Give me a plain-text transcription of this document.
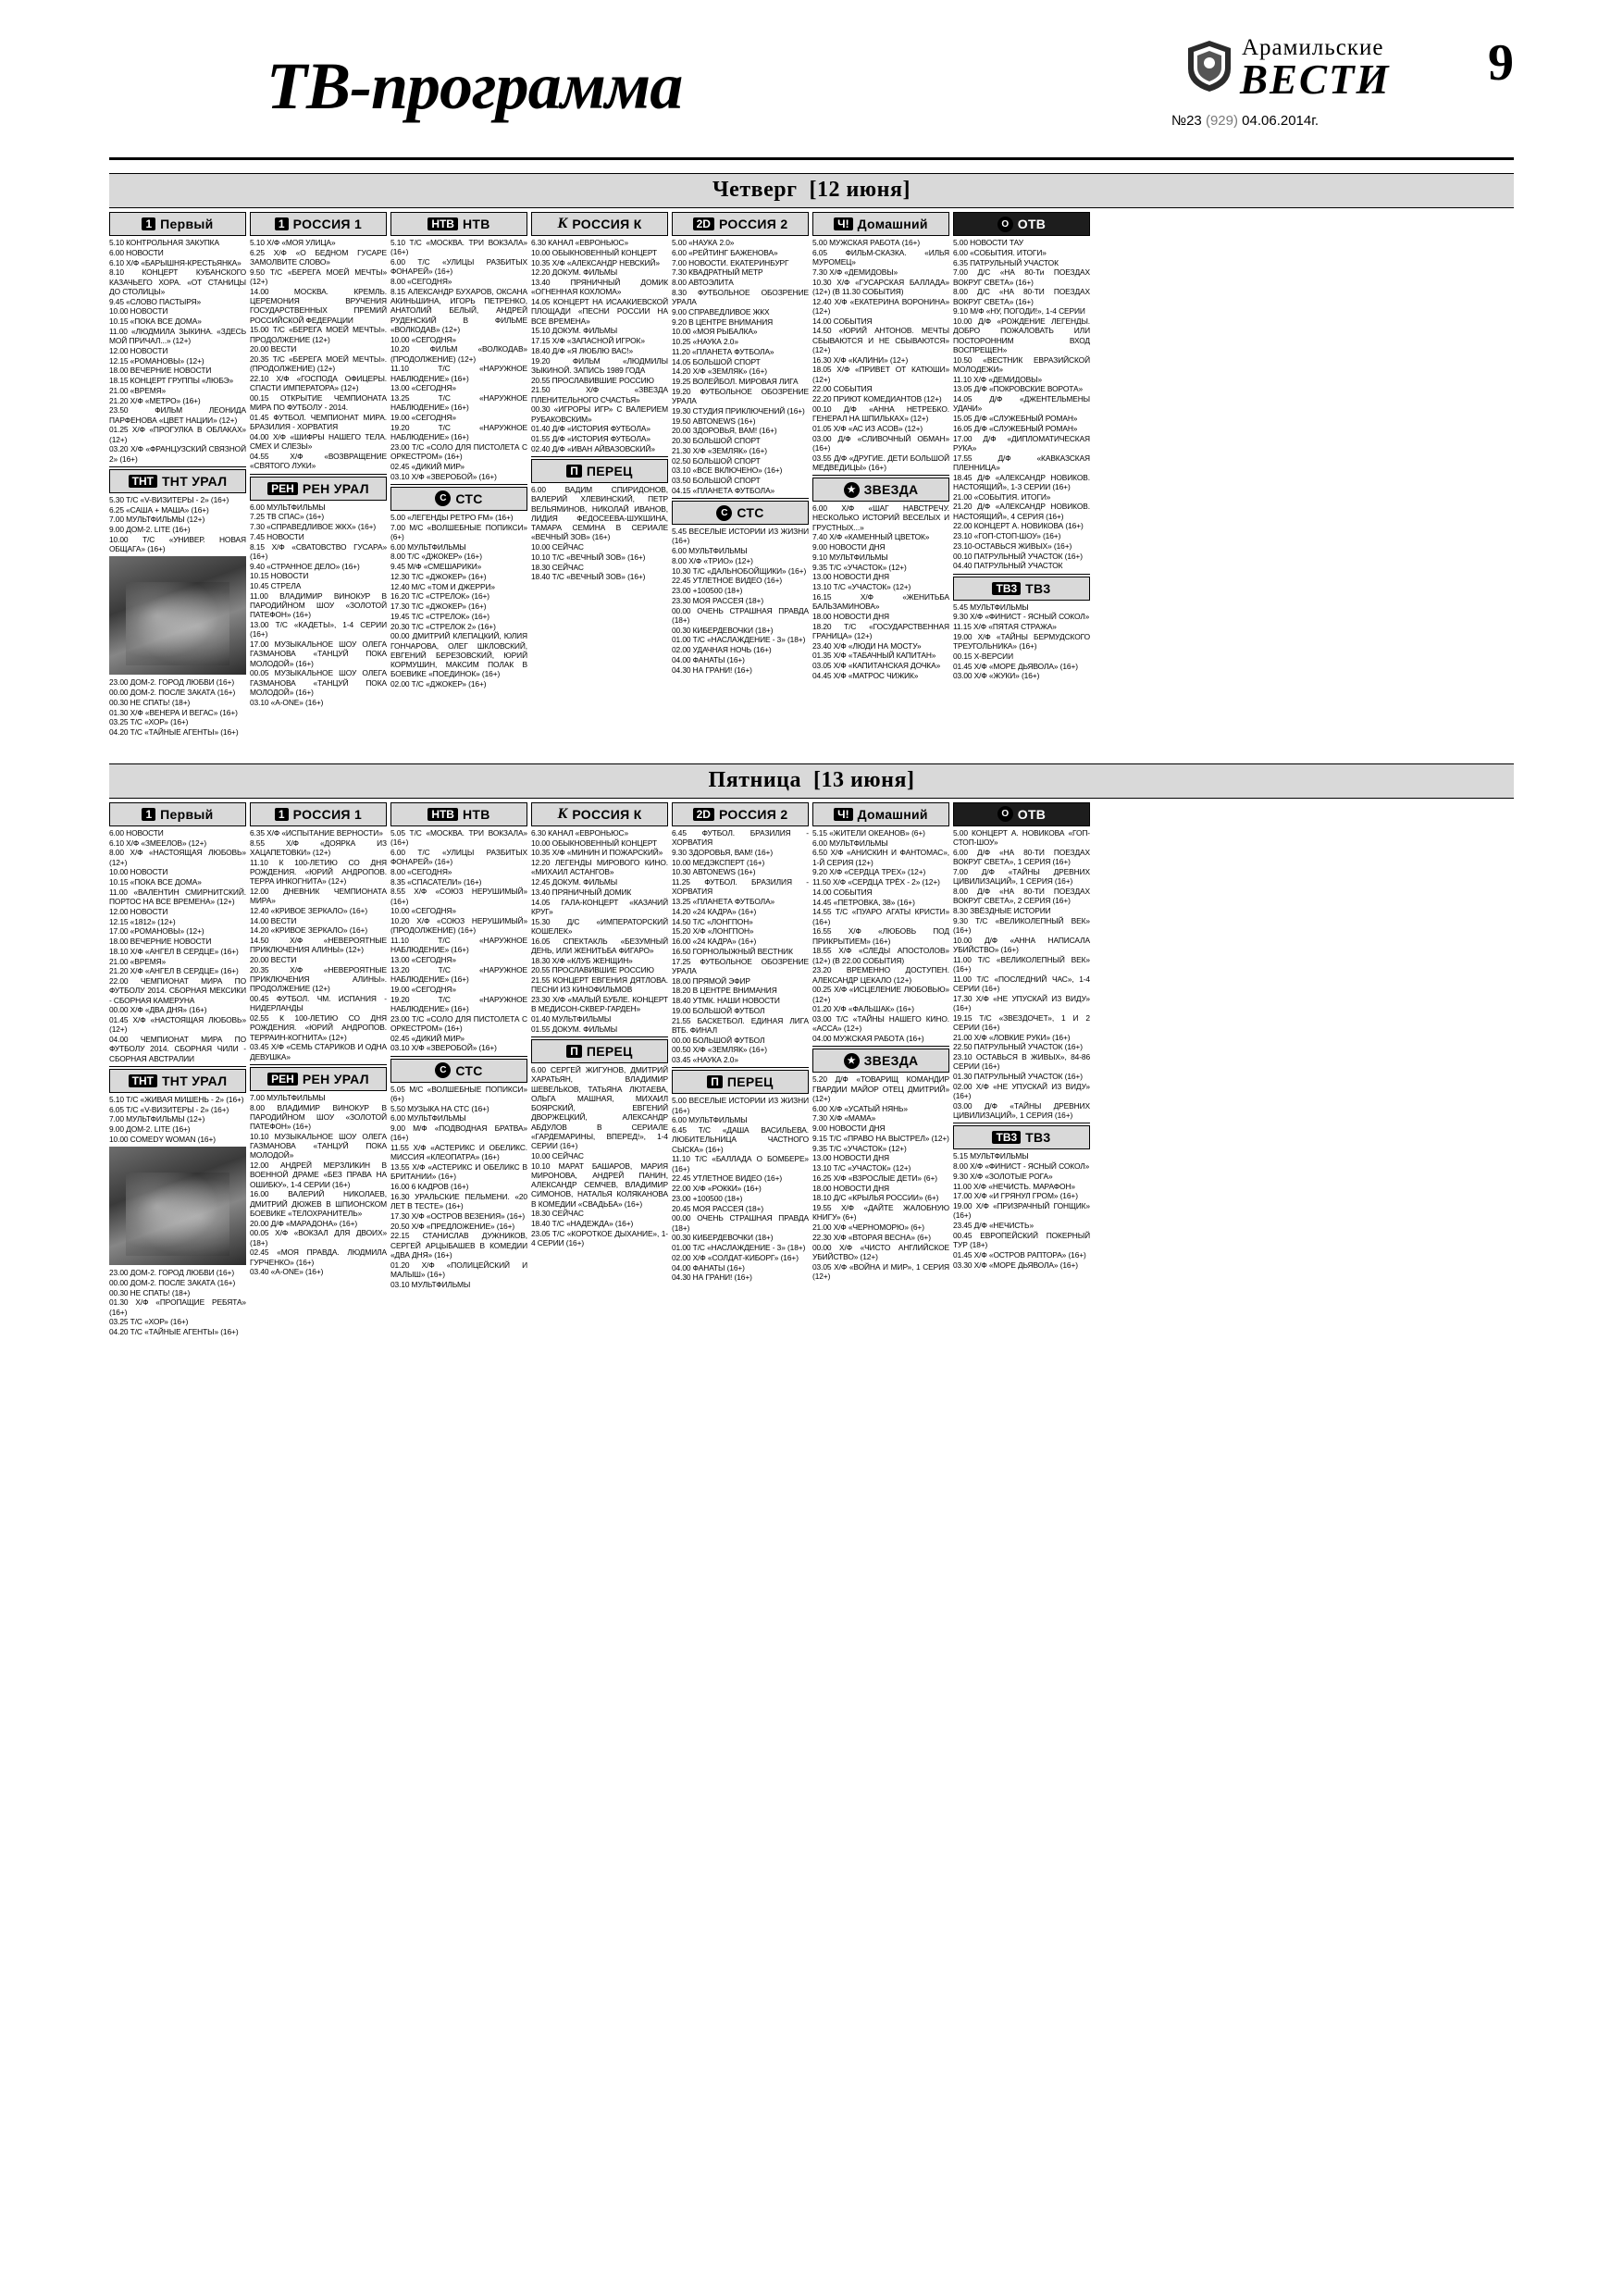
ТВ-программа
Арамильские
ВЕСТИ
№23 (929) 04.06.2014г.
9
Четверг [12 июня]
1 Первый
5.10 КОНТРОЛЬНАЯ ЗАКУПКА
6.00 НОВОСТИ
6.10 Х/Ф «БАРЫШНЯ-КРЕСТЬЯНКА»
8.10 КОНЦЕРТ КУБАНСКОГО КАЗАЧЬЕГО ХОРА. «ОТ СТАНИЦЫ ДО СТОЛИЦЫ»
9.45 «СЛОВО ПАСТЫРЯ»
10.00 НОВОСТИ
10.15 «ПОКА ВСЕ ДОМА»
11.00 «ЛЮДМИЛА ЗЫКИНА. «ЗДЕСЬ МОЙ ПРИЧАЛ...» (12+)
12.00 НОВОСТИ
12.15 «РОМАНОВЫ» (12+)
18.00 ВЕЧЕРНИЕ НОВОСТИ
18.15 КОНЦЕРТ ГРУППЫ «ЛЮБЭ»
21.00 «ВРЕМЯ»
21.20 Х/Ф «МЕТРО» (16+)
23.50 ФИЛЬМ ЛЕОНИДА ПАРФЕНОВА «ЦВЕТ НАЦИИ» (12+)
01.25 Х/Ф «ПРОГУЛКА В ОБЛАКАХ» (12+)
03.20 Х/Ф «ФРАНЦУЗСКИЙ СВЯЗНОЙ 2» (16+)
ТНТ ТНТ УРАЛ
5.30 Т/С «V-ВИЗИТЕРЫ - 2» (16+)
6.25 «САША + МАША» (16+)
7.00 МУЛЬТФИЛЬМЫ (12+)
9.00 ДОМ-2. LITE (16+)
10.00 Т/С «УНИВЕР. НОВАЯ ОБЩАГА» (16+)
23.00 ДОМ-2. ГОРОД ЛЮБВИ (16+)
00.00 ДОМ-2. ПОСЛЕ ЗАКАТА (16+)
00.30 НЕ СПАТЬ! (18+)
01.30 Х/Ф «ВЕНЕРА И ВЕГАС» (16+)
03.25 Т/С «ХОР» (16+)
04.20 Т/С «ТАЙНЫЕ АГЕНТЫ» (16+)
1 РОССИЯ 1
5.10 Х/Ф «МОЯ УЛИЦА»
6.25 Х/Ф «О БЕДНОМ ГУСАРЕ ЗАМОЛВИТЕ СЛОВО»
9.50 Т/С «БЕРЕГА МОЕЙ МЕЧТЫ» (12+)
14.00 МОСКВА. КРЕМЛЬ. ЦЕРЕМОНИЯ ВРУЧЕНИЯ ГОСУДАРСТВЕННЫХ ПРЕМИЙ РОССИЙСКОЙ ФЕДЕРАЦИИ
15.00 Т/С «БЕРЕГА МОЕЙ МЕЧТЫ». ПРОДОЛЖЕНИЕ (12+)
20.00 ВЕСТИ
20.35 Т/С «БЕРЕГА МОЕЙ МЕЧТЫ». (ПРОДОЛЖЕНИЕ) (12+)
22.10 Х/Ф «ГОСПОДА ОФИЦЕРЫ. СПАСТИ ИМПЕРАТОРА» (12+)
00.15 ОТКРЫТИЕ ЧЕМПИОНАТА МИРА ПО ФУТБОЛУ - 2014.
01.45 ФУТБОЛ. ЧЕМПИОНАТ МИРА. БРАЗИЛИЯ - ХОРВАТИЯ
04.00 Х/Ф «ШИФРЫ НАШЕГО ТЕЛА. СМЕХ И СЛЕЗЫ»
04.55 Х/Ф «ВОЗВРАЩЕНИЕ «СВЯТОГО ЛУКИ»
РЕН РЕН УРАЛ
6.00 МУЛЬТФИЛЬМЫ
7.25 ТВ СПАС» (16+)
7.30 «СПРАВЕДЛИВОЕ ЖКХ» (16+)
7.45 НОВОСТИ
8.15 Х/Ф «СВАТОВСТВО ГУСАРА» (16+)
9.40 «СТРАННОЕ ДЕЛО» (16+)
10.15 НОВОСТИ
10.45 СТРЕЛА
11.00 ВЛАДИМИР ВИНОКУР В ПАРОДИЙНОМ ШОУ «ЗОЛОТОЙ ПАТЕФОН» (16+)
13.00 Т/С «КАДЕТЫ», 1-4 СЕРИИ (16+)
17.00 МУЗЫКАЛЬНОЕ ШОУ ОЛЕГА ГАЗМАНОВА «ТАНЦУЙ ПОКА МОЛОДОЙ» (16+)
00.05 МУЗЫКАЛЬНОЕ ШОУ ОЛЕГА ГАЗМАНОВА «ТАНЦУЙ ПОКА МОЛОДОЙ» (16+)
03.10 «A-ONE» (16+)
НТВ НТВ
5.10 Т/С «МОСКВА. ТРИ ВОКЗАЛА» (16+)
6.00 Т/С «УЛИЦЫ РАЗБИТЫХ ФОНАРЕЙ» (16+)
8.00 «СЕГОДНЯ»
8.15 АЛЕКСАНДР БУХАРОВ, ОКСАНА АКИНЬШИНА, ИГОРЬ ПЕТРЕНКО, АНАТОЛИЙ БЕЛЫЙ, АНДРЕЙ РУДЕНСКИЙ В ФИЛЬМЕ «ВОЛКОДАВ» (12+)
10.00 «СЕГОДНЯ»
10.20 ФИЛЬМ «ВОЛКОДАВ» (ПРОДОЛЖЕНИЕ) (12+)
11.10 Т/С «НАРУЖНОЕ НАБЛЮДЕНИЕ» (16+)
13.00 «СЕГОДНЯ»
13.25 Т/С «НАРУЖНОЕ НАБЛЮДЕНИЕ» (16+)
19.00 «СЕГОДНЯ»
19.20 Т/С «НАРУЖНОЕ НАБЛЮДЕНИЕ» (16+)
23.00 Т/С «СОЛО ДЛЯ ПИСТОЛЕТА С ОРКЕСТРОМ» (16+)
02.45 «ДИКИЙ МИР»
03.10 Х/Ф «ЗВЕРОБОЙ» (16+)
С СТС
5.00 «ЛЕГЕНДЫ РЕТРО FM» (16+)
7.00 М/С «ВОЛШЕБНЫЕ ПОПИКСИ» (6+)
6.00 МУЛЬТФИЛЬМЫ
8.00 Т/С «ДЖОКЕР» (16+)
9.45 М/Ф «СМЕШАРИКИ»
12.30 Т/С «ДЖОКЕР» (16+)
12.40 М/С «ТОМ И ДЖЕРРИ»
16.20 Т/С «СТРЕЛОК» (16+)
17.30 Т/С «ДЖОКЕР» (16+)
19.45 Т/С «СТРЕЛОК» (16+)
20.30 Т/С «СТРЕЛОК 2» (16+)
00.00 ДМИТРИЙ КЛЕПАЦКИЙ, ЮЛИЯ ГОНЧАРОВА, ОЛЕГ ШКЛОВСКИЙ, ЕВГЕНИЙ БЕРЕЗОВСКИЙ, ЮРИЙ КОРМУШИН, МАКСИМ ПОЛАК В БОЕВИКЕ «ПОЕДИНОК» (16+)
02.00 Т/С «ДЖОКЕР» (16+)
К РОССИЯ К
6.30 КАНАЛ «ЕВРОНЬЮС»
10.00 ОБЫКНОВЕННЫЙ КОНЦЕРТ
10.35 Х/Ф «АЛЕКСАНДР НЕВСКИЙ»
12.20 ДОКУМ. ФИЛЬМЫ
13.40 ПРЯНИЧНЫЙ ДОМИК «ОГНЕННАЯ КОХЛОМА»
14.05 КОНЦЕРТ НА ИСААКИЕВСКОЙ ПЛОЩАДИ «ПЕСНИ РОССИИ НА ВСЕ ВРЕМЕНА»
15.10 ДОКУМ. ФИЛЬМЫ
17.15 Х/Ф «ЗАПАСНОЙ ИГРОК»
18.40 Д/Ф «Я ЛЮБЛЮ ВАС!»
19.20 ФИЛЬМ «ЛЮДМИЛЫ ЗЫКИНОЙ. ЗАПИСЬ 1989 ГОДА
20.55 ПРОСЛАВИВШИЕ РОССИЮ
21.50 Х/Ф «ЗВЕЗДА ПЛЕНИТЕЛЬНОГО СЧАСТЬЯ»
00.30 «ИГРОРЫ ИГР» С ВАЛЕРИЕМ РУБАКОВСКИМ»
01.40 Д/Ф «ИСТОРИЯ ФУТБОЛА»
01.55 Д/Ф «ИСТОРИЯ ФУТБОЛА»
02.40 Д/Ф «ИВАН АЙВАЗОВСКИЙ»
П ПЕРЕЦ
6.00 ВАДИМ СПИРИДОНОВ, ВАЛЕРИЙ ХЛЕВИНСКИЙ, ПЕТР ВЕЛЬЯМИНОВ, НИКОЛАЙ ИВАНОВ, ЛИДИЯ ФЕДОСЕЕВА-ШУКШИНА, ТАМАРА СЕМИНА В СЕРИАЛЕ «ВЕЧНЫЙ ЗОВ» (16+)
10.00 СЕЙЧАС
10.10 Т/С «ВЕЧНЫЙ ЗОВ» (16+)
18.30 СЕЙЧАС
18.40 Т/С «ВЕЧНЫЙ ЗОВ» (16+)
2D РОССИЯ 2
5.00 «НАУКА 2.0»
6.00 «РЕЙТИНГ БАЖЕНОВА»
7.00 НОВОСТИ. ЕКАТЕРИНБУРГ
7.30 КВАДРАТНЫЙ МЕТР
8.00 АВТОЭЛИТА
8.30 ФУТБОЛЬНОЕ ОБОЗРЕНИЕ УРАЛА
9.00 СПРАВЕДЛИВОЕ ЖКХ
9.20 В ЦЕНТРЕ ВНИМАНИЯ
10.00 «МОЯ РЫБАЛКА»
10.25 «НАУКА 2.0»
11.20 «ПЛАНЕТА ФУТБОЛА»
14.05 БОЛЬШОЙ СПОРТ
14.20 Х/Ф «ЗЕМЛЯК» (16+)
19.25 ВОЛЕЙБОЛ. МИРОВАЯ ЛИГА
19.20 ФУТБОЛЬНОЕ ОБОЗРЕНИЕ УРАЛА
19.30 СТУДИЯ ПРИКЛЮЧЕНИЙ (16+)
19.50 АВТОNEWS (16+)
20.00 ЗДОРОВЬЯ, ВАМ! (16+)
20.30 БОЛЬШОЙ СПОРТ
21.30 Х/Ф «ЗЕМЛЯК» (16+)
02.50 БОЛЬШОЙ СПОРТ
03.10 «ВСЕ ВКЛЮЧЕНО» (16+)
03.50 БОЛЬШОЙ СПОРТ
04.15 «ПЛАНЕТА ФУТБОЛА»
С СТС
5.45 ВЕСЕЛЫЕ ИСТОРИИ ИЗ ЖИЗНИ (16+)
6.00 МУЛЬТФИЛЬМЫ
8.00 Х/Ф «ТРИО» (12+)
10.30 Т/С «ДАЛЬНОБОЙЩИКИ» (16+)
22.45 УТЛЕТНОЕ ВИДЕО (16+)
23.00 +100500 (18+)
23.30 МОЯ РАССЕЯ (18+)
00.00 ОЧЕНЬ СТРАШНАЯ ПРАВДА (18+)
00.30 КИБЕРДЕВОЧКИ (18+)
01.00 Т/С «НАСЛАЖДЕНИЕ - 3» (18+)
02.00 УДАЧНАЯ НОЧЬ (16+)
04.00 ФАНАТЫ (16+)
04.30 НА ГРАНИ! (16+)
Ч! Домашний
5.00 МУЖСКАЯ РАБОТА (16+)
6.05 ФИЛЬМ-СКАЗКА. «ИЛЬЯ МУРОМЕЦ»
7.30 Х/Ф «ДЕМИДОВЫ»
10.30 Х/Ф «ГУСАРСКАЯ БАЛЛАДА» (12+) (В 11.30 СОБЫТИЯ)
12.40 Х/Ф «ЕКАТЕРИНА ВОРОНИНА» (12+)
14.00 СОБЫТИЯ
14.50 «ЮРИЙ АНТОНОВ. МЕЧТЫ СБЫВАЮТСЯ И НЕ СБЫВАЮТСЯ» (12+)
16.30 Х/Ф «КАЛИНИ» (12+)
18.05 Х/Ф «ПРИВЕТ ОТ КАТЮШИ» (12+)
22.00 СОБЫТИЯ
22.20 ПРИЮТ КОМЕДИАНТОВ (12+)
00.10 Д/Ф «АННА НЕТРЕБКО. ГЕНЕРАЛ НА ШПИЛЬКАХ» (12+)
01.05 Х/Ф «АС ИЗ АСОВ» (12+)
03.00 Д/Ф «СЛИВОЧНЫЙ ОБМАН» (16+)
03.55 Д/Ф «ДРУГИЕ. ДЕТИ БОЛЬШОЙ МЕДВЕДИЦЫ» (16+)
★ ЗВЕЗДА
6.00 Х/Ф «ШАГ НАВСТРЕЧУ. НЕСКОЛЬКО ИСТОРИЙ ВЕСЕЛЫХ И ГРУСТНЫХ...»
7.40 Х/Ф «КАМЕННЫЙ ЦВЕТОК»
9.00 НОВОСТИ ДНЯ
9.10 МУЛЬТФИЛЬМЫ
9.35 Т/С «УЧАСТОК» (12+)
13.00 НОВОСТИ ДНЯ
13.10 Т/С «УЧАСТОК» (12+)
16.15 Х/Ф «ЖЕНИТЬБА БАЛЬЗАМИНОВА»
18.00 НОВОСТИ ДНЯ
18.20 Т/С «ГОСУДАРСТВЕННАЯ ГРАНИЦА» (12+)
23.40 Х/Ф «ЛЮДИ НА МОСТУ»
01.35 Х/Ф «ТАБАЧНЫЙ КАПИТАН»
03.05 Х/Ф «КАПИТАНСКАЯ ДОЧКА»
04.45 Х/Ф «МАТРОС ЧИЖИК»
О ОТВ
5.00 НОВОСТИ ТАУ
6.00 «СОБЫТИЯ. ИТОГИ»
6.35 ПАТРУЛЬНЫЙ УЧАСТОК
7.00 Д/С «НА 80-Ти ПОЕЗДАХ ВОКРУГ СВЕТА» (16+)
8.00 Д/С «НА 80-ТИ ПОЕЗДАХ ВОКРУГ СВЕТА» (16+)
9.10 М/Ф «НУ, ПОГОДИ!», 1-4 СЕРИИ
10.00 Д/Ф «РОЖДЕНИЕ ЛЕГЕНДЫ. ДОБРО ПОЖАЛОВАТЬ ИЛИ ПОСТОРОННИМ ВХОД ВОСПРЕЩЕН»
10.50 «ВЕСТНИК ЕВРАЗИЙСКОЙ МОЛОДЕЖИ»
11.10 Х/Ф «ДЕМИДОВЫ»
13.05 Д/Ф «ПОКРОВСКИЕ ВОРОТА»
14.05 Д/Ф «ДЖЕНТЕЛЬМЕНЫ УДАЧИ»
15.05 Д/Ф «СЛУЖЕБНЫЙ РОМАН»
16.05 Д/Ф «СЛУЖЕБНЫЙ РОМАН»
17.00 Д/Ф «ДИПЛОМАТИЧЕСКАЯ РУКА»
17.55 Д/Ф «КАВКАЗСКАЯ ПЛЕННИЦА»
18.45 Д/Ф «АЛЕКСАНДР НОВИКОВ. НАСТОЯЩИЙ», 1-3 СЕРИИ (16+)
21.00 «СОБЫТИЯ. ИТОГИ»
21.20 Д/Ф «АЛЕКСАНДР НОВИКОВ. НАСТОЯЩИЙ», 4 СЕРИЯ (16+)
22.00 КОНЦЕРТ А. НОВИКОВА (16+)
23.10 «ГОП-СТОП-ШОУ» (16+)
23.10-ОСТАВЬСЯ ЖИВЫХ» (16+)
00.10 ПАТРУЛЬНЫЙ УЧАСТОК (16+)
04.40 ПАТРУЛЬНЫЙ УЧАСТОК
ТВ3 ТВ3
5.45 МУЛЬТФИЛЬМЫ
9.30 Х/Ф «ФИНИСТ - ЯСНЫЙ СОКОЛ»
11.15 Х/Ф «ПЯТАЯ СТРАЖА»
19.00 Х/Ф «ТАЙНЫ БЕРМУДСКОГО ТРЕУГОЛЬНИКА» (16+)
00.15 Х-ВЕРСИИ
01.45 Х/Ф «МОРЕ ДЬЯВОЛА» (16+)
03.00 Х/Ф «ЖУКИ» (16+)
Пятница [13 июня]
1 Первый
6.00 НОВОСТИ
6.10 Х/Ф «ЗМЕЕЛОВ» (12+)
8.00 Х/Ф «НАСТОЯЩАЯ ЛЮБОВЬ» (12+)
10.00 НОВОСТИ
10.15 «ПОКА ВСЕ ДОМА»
11.00 «ВАЛЕНТИН СМИРНИТСКИЙ. ПОРТОС НА ВСЕ ВРЕМЕНА» (12+)
12.00 НОВОСТИ
12.15 «1812» (12+)
17.00 «РОМАНОВЫ» (12+)
18.00 ВЕЧЕРНИЕ НОВОСТИ
18.10 Х/Ф «АНГЕЛ В СЕРДЦЕ» (16+)
21.00 «ВРЕМЯ»
21.20 Х/Ф «АНГЕЛ В СЕРДЦЕ» (16+)
22.00 ЧЕМПИОНАТ МИРА ПО ФУТБОЛУ 2014. СБОРНАЯ МЕКСИКИ - СБОРНАЯ КАМЕРУНА
00.00 Х/Ф «ДВА ДНЯ» (16+)
01.45 Х/Ф «НАСТОЯЩАЯ ЛЮБОВЬ» (12+)
04.00 ЧЕМПИОНАТ МИРА ПО ФУТБОЛУ 2014. СБОРНАЯ ЧИЛИ - СБОРНАЯ АВСТРАЛИИ
ТНТ ТНТ УРАЛ
5.10 Т/С «ЖИВАЯ МИШЕНЬ - 2» (16+)
6.05 Т/С «V-ВИЗИТЕРЫ - 2» (16+)
7.00 МУЛЬТФИЛЬМЫ (12+)
9.00 ДОМ-2. LITE (16+)
10.00 COMEDY WOMAN (16+)
23.00 ДОМ-2. ГОРОД ЛЮБВИ (16+)
00.00 ДОМ-2. ПОСЛЕ ЗАКАТА (16+)
00.30 НЕ СПАТЬ! (18+)
01.30 Х/Ф «ПРОПАЩИЕ РЕБЯТА» (16+)
03.25 Т/С «ХОР» (16+)
04.20 Т/С «ТАЙНЫЕ АГЕНТЫ» (16+)
1 РОССИЯ 1
6.35 Х/Ф «ИСПЫТАНИЕ ВЕРНОСТИ»
8.55 Х/Ф «ДОЯРКА ИЗ ХАЦАПЕТОВКИ» (12+)
11.10 К 100-ЛЕТИЮ СО ДНЯ РОЖДЕНИЯ. «ЮРИЙ АНДРОПОВ. ТЕРРА ИНКОГНИТА» (12+)
12.00 ДНЕВНИК ЧЕМПИОНАТА МИРА»
12.40 «КРИВОЕ ЗЕРКАЛО» (16+)
14.00 ВЕСТИ
14.20 «КРИВОЕ ЗЕРКАЛО» (16+)
14.50 Х/Ф «НЕВЕРОЯТНЫЕ ПРИКЛЮЧЕНИЯ АЛИНЫ» (12+)
20.00 ВЕСТИ
20.35 Х/Ф «НЕВЕРОЯТНЫЕ ПРИКЛЮЧЕНИЯ АЛИНЫ». ПРОДОЛЖЕНИЕ (12+)
00.45 ФУТБОЛ. ЧМ. ИСПАНИЯ - НИДЕРЛАНДЫ
02.55 К 100-ЛЕТИЮ СО ДНЯ РОЖДЕНИЯ. «ЮРИЙ АНДРОПОВ. ТЕРРАИН-КОГНИТА» (12+)
03.45 Х/Ф «СЕМЬ СТАРИКОВ И ОДНА ДЕВУШКА»
РЕН РЕН УРАЛ
7.00 МУЛЬТФИЛЬМЫ
8.00 ВЛАДИМИР ВИНОКУР В ПАРОДИЙНОМ ШОУ «ЗОЛОТОЙ ПАТЕФОН» (16+)
10.10 МУЗЫКАЛЬНОЕ ШОУ ОЛЕГА ГАЗМАНОВА «ТАНЦУЙ ПОКА МОЛОДОЙ»
12.00 АНДРЕЙ МЕРЗЛИКИН В ВОЕННОЙ ДРАМЕ «БЕЗ ПРАВА НА ОШИБКУ», 1-4 СЕРИИ (16+)
16.00 ВАЛЕРИЙ НИКОЛАЕВ, ДМИТРИЙ ДЮЖЕВ В ШПИОНСКОМ БОЕВИКЕ «ТЕЛОХРАНИТЕЛЬ»
20.00 Д/Ф «МАРАДОНА» (16+)
00.05 Х/Ф «ВОКЗАЛ ДЛЯ ДВОИХ» (18+)
02.45 «МОЯ ПРАВДА. ЛЮДМИЛА ГУРЧЕНКО» (16+)
03.40 «A-ONE» (16+)
НТВ НТВ
5.05 Т/С «МОСКВА. ТРИ ВОКЗАЛА» (16+)
6.00 Т/С «УЛИЦЫ РАЗБИТЫХ ФОНАРЕЙ» (16+)
8.00 «СЕГОДНЯ»
8.35 «СПАСАТЕЛИ» (16+)
8.55 Х/Ф «СОЮЗ НЕРУШИМЫЙ» (16+)
10.00 «СЕГОДНЯ»
10.20 Х/Ф «СОЮЗ НЕРУШИМЫЙ» (ПРОДОЛЖЕНИЕ) (16+)
11.10 Т/С «НАРУЖНОЕ НАБЛЮДЕНИЕ» (16+)
13.00 «СЕГОДНЯ»
13.20 Т/С «НАРУЖНОЕ НАБЛЮДЕНИЕ» (16+)
19.00 «СЕГОДНЯ»
19.20 Т/С «НАРУЖНОЕ НАБЛЮДЕНИЕ» (16+)
23.00 Т/С «СОЛО ДЛЯ ПИСТОЛЕТА С ОРКЕСТРОМ» (16+)
02.45 «ДИКИЙ МИР»
03.10 Х/Ф «ЗВЕРОБОЙ» (16+)
С СТС
5.05 М/С «ВОЛШЕБНЫЕ ПОПИКСИ» (6+)
5.50 МУЗЫКА НА СТС (16+)
6.00 МУЛЬТФИЛЬМЫ
9.00 М/Ф «ПОДВОДНАЯ БРАТВА» (16+)
11.55 Х/Ф «АСТЕРИКС И ОБЕЛИКС. МИССИЯ «КЛЕОПАТРА» (16+)
13.55 Х/Ф «АСТЕРИКС И ОБЕЛИКС В БРИТАНИИ» (16+)
16.00 6 КАДРОВ (16+)
16.30 УРАЛЬСКИЕ ПЕЛЬМЕНИ. «20 ЛЕТ В ТЕСТЕ» (16+)
17.30 Х/Ф «ОСТРОВ ВЕЗЕНИЯ» (16+)
20.50 Х/Ф «ПРЕДЛОЖЕНИЕ» (16+)
22.15 СТАНИСЛАВ ДУЖНИКОВ, СЕРГЕЙ АРЦЫБАШЕВ В КОМЕДИИ «ДВА ДНЯ» (16+)
01.20 Х/Ф «ПОЛИЦЕЙСКИЙ И МАЛЫШ» (16+)
03.10 МУЛЬТФИЛЬМЫ
К РОССИЯ К
6.30 КАНАЛ «ЕВРОНЬЮС»
10.00 ОБЫКНОВЕННЫЙ КОНЦЕРТ
10.35 Х/Ф «МИНИН И ПОЖАРСКИЙ»
12.20 ЛЕГЕНДЫ МИРОВОГО КИНО. «МИХАИЛ АСТАНГОВ»
12.45 ДОКУМ. ФИЛЬМЫ
13.40 ПРЯНИЧНЫЙ ДОМИК
14.05 ГАЛА-КОНЦЕРТ «КАЗАЧИЙ КРУГ»
15.30 Д/С «ИМПЕРАТОРСКИЙ КОШЕЛЕК»
16.05 СПЕКТАКЛЬ «БЕЗУМНЫЙ ДЕНЬ, ИЛИ ЖЕНИТЬБА ФИГАРО»
18.30 Х/Ф «КЛУБ ЖЕНЩИН»
20.55 ПРОСЛАВИВШИЕ РОССИЮ
21.55 КОНЦЕРТ ЕВГЕНИЯ ДЯТЛОВА. ПЕСНИ ИЗ КИНОФИЛЬМОВ
23.30 Х/Ф «МАЛЫЙ БУБЛЕ. КОНЦЕРТ В МЕДИСОН-СКВЕР-ГАРДЕН»
01.40 МУЛЬТФИЛЬМЫ
01.55 ДОКУМ. ФИЛЬМЫ
П ПЕРЕЦ
6.00 СЕРГЕЙ ЖИГУНОВ, ДМИТРИЙ ХАРАТЬЯН, ВЛАДИМИР ШЕВЕЛЬКОВ, ТАТЬЯНА ЛЮТАЕВА, ОЛЬГА МАШНАЯ, МИХАИЛ БОЯРСКИЙ, ЕВГЕНИЙ ДВОРЖЕЦКИЙ, АЛЕКСАНДР АБДУЛОВ В СЕРИАЛЕ «ГАРДЕМАРИНЫ, ВПЕРЕД!», 1-4 СЕРИИ (16+)
10.00 СЕЙЧАС
10.10 МАРАТ БАШАРОВ, МАРИЯ МИРОНОВА, АНДРЕЙ ПАНИН, АЛЕКСАНДР СЕМЧЕВ, ВЛАДИМИР СИМОНОВ, НАТАЛЬЯ КОЛЯКАНОВА В КОМЕДИИ «СВАДЬБА» (16+)
18.30 СЕЙЧАС
18.40 Т/С «НАДЕЖДА» (16+)
23.05 Т/С «КОРОТКОЕ ДЫХАНИЕ», 1-4 СЕРИИ (16+)
2D РОССИЯ 2
6.45 ФУТБОЛ. БРАЗИЛИЯ - ХОРВАТИЯ
9.30 ЗДОРОВЬЯ, ВАМ! (16+)
10.00 МЕДЭКСПЕРТ (16+)
10.30 АВТОNEWS (16+)
11.25 ФУТБОЛ. БРАЗИЛИЯ - ХОРВАТИЯ
13.25 «ПЛАНЕТА ФУТБОЛА»
14.20 «24 КАДРА» (16+)
14.50 Т/С «ЛОНГПОН»
15.20 Х/Ф «ЛОНГПОН»
16.00 «24 КАДРА» (16+)
16.50 ГОРНОЛЫЖНЫЙ ВЕСТНИК
17.25 ФУТБОЛЬНОЕ ОБОЗРЕНИЕ УРАЛА
18.00 ПРЯМОЙ ЭФИР
18.20 В ЦЕНТРЕ ВНИМАНИЯ
18.40 УТМК. НАШИ НОВОСТИ
19.00 БОЛЬШОЙ ФУТБОЛ
21.55 БАСКЕТБОЛ. ЕДИНАЯ ЛИГА ВТБ. ФИНАЛ
00.00 БОЛЬШОЙ ФУТБОЛ
00.50 Х/Ф «ЗЕМЛЯК» (16+)
03.45 «НАУКА 2.0»
П ПЕРЕЦ
5.00 ВЕСЕЛЫЕ ИСТОРИИ ИЗ ЖИЗНИ (16+)
6.00 МУЛЬТФИЛЬМЫ
6.45 Т/С «ДАША ВАСИЛЬЕВА. ЛЮБИТЕЛЬНИЦА ЧАСТНОГО СЫСКА» (16+)
11.10 Т/С «БАЛЛАДА О БОМБЕРЕ» (16+)
22.45 УТЛЕТНОЕ ВИДЕО (16+)
22.00 Х/Ф «РОККИ» (16+)
23.00 +100500 (18+)
20.45 МОЯ РАССЕЯ (18+)
00.00 ОЧЕНЬ СТРАШНАЯ ПРАВДА (18+)
00.30 КИБЕРДЕВОЧКИ (18+)
01.00 Т/С «НАСЛАЖДЕНИЕ - 3» (18+)
02.00 Х/Ф «СОЛДАТ-КИБОРГ» (16+)
04.00 ФАНАТЫ (16+)
04.30 НА ГРАНИ! (16+)
Ч! Домашний
5.15 «ЖИТЕЛИ ОКЕАНОВ» (6+)
6.00 МУЛЬТФИЛЬМЫ
6.50 Х/Ф «АНИСКИН И ФАНТОМАС», 1-Й СЕРИЯ (12+)
9.20 Х/Ф «СЕРДЦА ТРЕХ» (12+)
11.50 Х/Ф «СЕРДЦА ТРЁХ - 2» (12+)
14.00 СОБЫТИЯ
14.45 «ПЕТРОВКА, 38» (16+)
14.55 Т/С «ПУАРО АГАТЫ КРИСТИ» (16+)
16.55 Х/Ф «ЛЮБОВЬ ПОД ПРИКРЫТИЕМ» (16+)
18.55 Х/Ф «СЛЕДЫ АПОСТОЛОВ» (12+) (В 22.00 СОБЫТИЯ)
23.20 ВРЕМЕННО ДОСТУПЕН. АЛЕКСАНДР ЦЕКАЛО (12+)
00.25 Х/Ф «ИСЦЕЛЕНИЕ ЛЮБОВЬЮ» (12+)
01.20 Х/Ф «ФАЛЬШАК» (16+)
03.00 Т/С «ТАЙНЫ НАШЕГО КИНО. «АССА» (12+)
04.00 МУЖСКАЯ РАБОТА (16+)
★ ЗВЕЗДА
5.20 Д/Ф «ТОВАРИЩ КОМАНДИР ГВАРДИИ МАЙОР ОТЕЦ ДМИТРИЙ» (12+)
6.00 Х/Ф «УСАТЫЙ НЯНЬ»
7.30 Х/Ф «МАМА»
9.00 НОВОСТИ ДНЯ
9.15 Т/С «ПРАВО НА ВЫСТРЕЛ» (12+)
9.35 Т/С «УЧАСТОК» (12+)
13.00 НОВОСТИ ДНЯ
13.10 Т/С «УЧАСТОК» (12+)
16.25 Х/Ф «ВЗРОСЛЫЕ ДЕТИ» (6+)
18.00 НОВОСТИ ДНЯ
18.10 Д/С «КРЫЛЬЯ РОССИИ» (6+)
19.55 Х/Ф «ДАЙТЕ ЖАЛОБНУЮ КНИГУ» (6+)
21.00 Х/Ф «ЧЕРНОМОРЮ» (6+)
22.30 Х/Ф «ВТОРАЯ ВЕСНА» (6+)
00.00 Х/Ф «ЧИСТО АНГЛИЙСКОЕ УБИЙСТВО» (12+)
03.05 Х/Ф «ВОЙНА И МИР», 1 СЕРИЯ (12+)
О ОТВ
5.00 КОНЦЕРТ А. НОВИКОВА «ГОП-СТОП-ШОУ»
6.00 Д/Ф «НА 80-ТИ ПОЕЗДАХ ВОКРУГ СВЕТА», 1 СЕРИЯ (16+)
7.00 Д/Ф «ТАЙНЫ ДРЕВНИХ ЦИВИЛИЗАЦИЙ», 1 СЕРИЯ (16+)
8.00 Д/Ф «НА 80-ТИ ПОЕЗДАХ ВОКРУГ СВЕТА», 2 СЕРИЯ (16+)
8.30 ЗВЁЗДНЫЕ ИСТОРИИ
9.30 Т/С «ВЕЛИКОЛЕПНЫЙ ВЕК» (16+)
10.00 Д/Ф «АННА НАПИСАЛА УБИЙСТВО» (16+)
11.00 Т/С «ВЕЛИКОЛЕПНЫЙ ВЕК» (16+)
11.00 Т/С «ПОСЛЕДНИЙ ЧАС», 1-4 СЕРИИ (16+)
17.30 Х/Ф «НЕ УПУСКАЙ ИЗ ВИДУ» (16+)
19.15 Т/С «ЗВЕЗДОЧЕТ», 1 И 2 СЕРИИ (16+)
21.00 Х/Ф «ЛОВКИЕ РУКИ» (16+)
22.50 ПАТРУЛЬНЫЙ УЧАСТОК (16+)
23.10 ОСТАВЬСЯ В ЖИВЫХ», 84-86 СЕРИИ (16+)
01.30 ПАТРУЛЬНЫЙ УЧАСТОК (16+)
02.00 Х/Ф «НЕ УПУСКАЙ ИЗ ВИДУ» (16+)
03.00 Д/Ф «ТАЙНЫ ДРЕВНИХ ЦИВИЛИЗАЦИЙ», 1 СЕРИЯ (16+)
ТВ3 ТВ3
5.15 МУЛЬТФИЛЬМЫ
8.00 Х/Ф «ФИНИСТ - ЯСНЫЙ СОКОЛ»
9.30 Х/Ф «ЗОЛОТЫЕ РОГА»
11.00 Х/Ф «НЕЧИСТЬ. МАРАФОН»
17.00 Х/Ф «И ГРЯНУЛ ГРОМ» (16+)
19.00 Х/Ф «ПРИЗРАЧНЫЙ ГОНЩИК» (16+)
23.45 Д/Ф «НЕЧИСТЬ»
00.45 ЕВРОПЕЙСКИЙ ПОКЕРНЫЙ ТУР (18+)
01.45 Х/Ф «ОСТРОВ РАПТОРА» (16+)
03.30 Х/Ф «МОРЕ ДЬЯВОЛА» (16+)
